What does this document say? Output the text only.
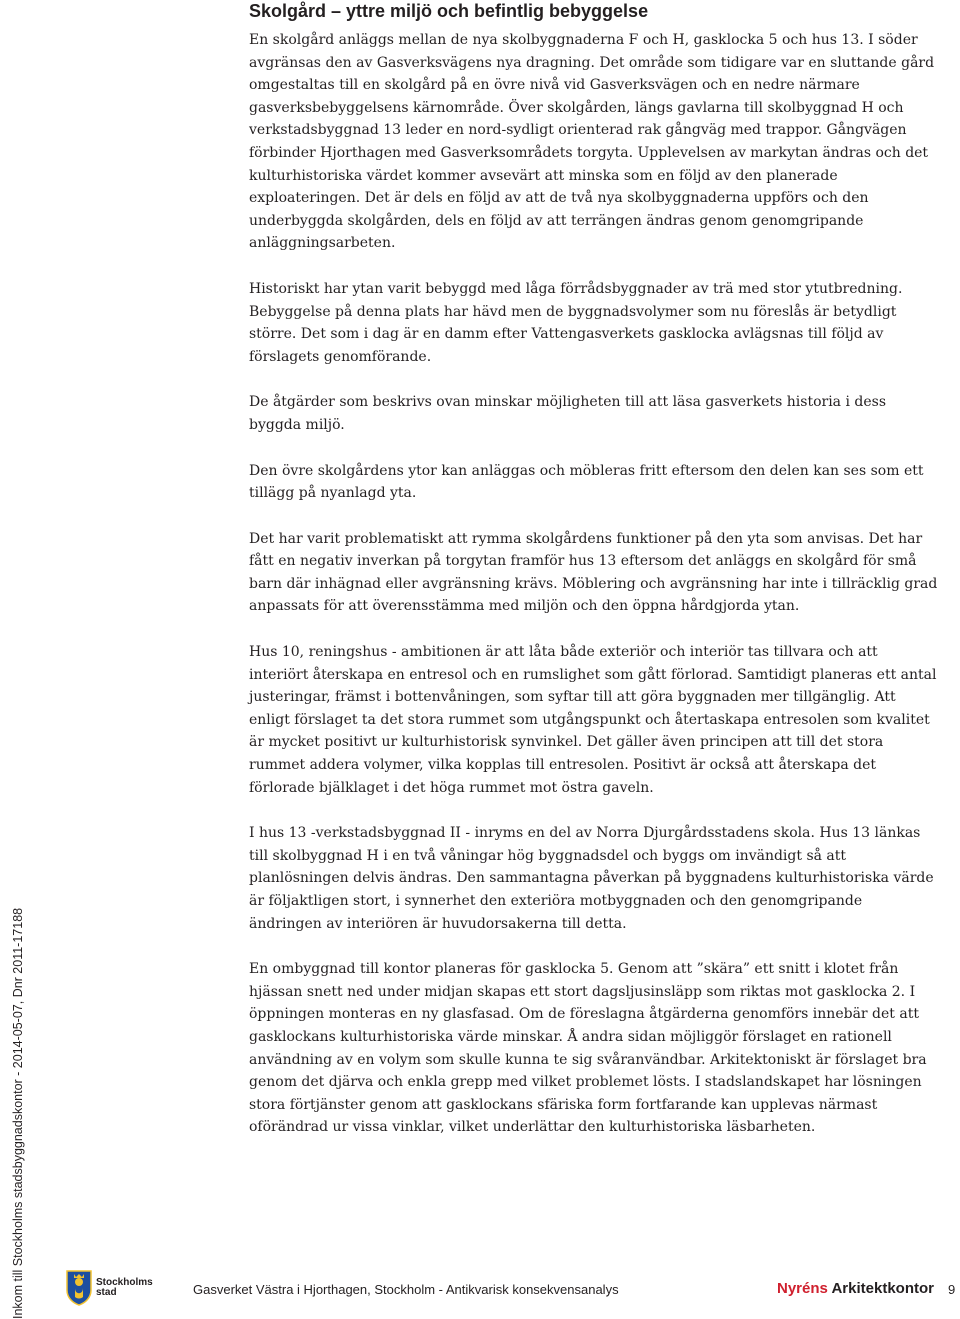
Skolgård – yttre miljö och befintlig bebyggelse

En skolgård anläggs mellan de nya skolbyggnaderna F och H, gasklocka 5 och hus 13. I söder avgränsas den av Gasverksvägens nya dragning. Det område som tidigare var en sluttande gård omgestaltas till en skolgård på en övre nivå vid Gasverksvägen och en nedre närmare gasverksbebyggelsens kärnområde. Över skolgården, längs gavlarna till skolbyggnad H och verkstadsbyggnad 13 leder en nord-sydligt orienterad rak gångväg med trappor. Gångvägen förbinder Hjorthagen med Gasverksområdets torgyta. Upplevelsen av markytan ändras och det kulturhistoriska värdet kommer avsevärt att minska som en följd av den planerade exploateringen. Det är dels en följd av att de två nya skolbyggnaderna uppförs och den underbyggda skolgården, dels en följd av att terrängen ändras genom genomgripande anläggningsarbeten.

Historiskt har ytan varit bebyggd med låga förrådsbyggnader av trä med stor ytutbredning. Bebyggelse på denna plats har hävd men de byggnadsvolymer som nu föreslås är betydligt större. Det som i dag är en damm efter Vattengasverkets gasklocka avlägsnas till följd av förslagets genomförande.

De åtgärder som beskrivs ovan minskar möjligheten till att läsa gasverkets historia i dess byggda miljö.

Den övre skolgårdens ytor kan anläggas och möbleras fritt eftersom den delen kan ses som ett tillägg på nyanlagd yta.

Det har varit problematiskt att rymma skolgårdens funktioner på den yta som anvisas. Det har fått en negativ inverkan på torgytan framför hus 13 eftersom det anläggs en skolgård för små barn där inhägnad eller avgränsning krävs. Möblering och avgränsning har inte i tillräcklig grad anpassats för att överensstämma med miljön och den öppna hårdgjorda ytan.

Hus 10, reningshus - ambitionen är att låta både exteriör och interiör tas tillvara och att interiört återskapa en entresol och en rumslighet som gått förlorad. Samtidigt planeras ett antal justeringar, främst i bottenvåningen, som syftar till att göra byggnaden mer tillgänglig. Att enligt förslaget ta det stora rummet som utgångspunkt och återtaskapa entresolen som kvalitet är mycket positivt ur kulturhistorisk synvinkel. Det gäller även principen att till det stora rummet addera volymer, vilka kopplas till entresolen. Positivt är också att återskapa det förlorade bjälklaget i det höga rummet mot östra gaveln.

I hus 13 -verkstadsbyggnad II - inryms en del av Norra Djurgårdsstadens skola. Hus 13 länkas till skolbyggnad H i en två våningar hög byggnadsdel och byggs om invändigt så att planlösningen delvis ändras. Den sammantagna påverkan på byggnadens kulturhistoriska värde är följaktligen stort, i synnerhet den exteriöra motbyggnaden och den genomgripande ändringen av interiören är huvudorsakerna till detta.

En ombyggnad till kontor planeras för gasklocka 5. Genom att ”skära” ett snitt i klotet från hjässan snett ned under midjan skapas ett stort dagsljusinsläpp som riktas mot gasklocka 2. I öppningen monteras en ny glasfasad. Om de föreslagna åtgärderna genomförs innebär det att gasklockans kulturhistoriska värde minskar. Å andra sidan möjliggör förslaget en rationell användning av en volym som skulle kunna te sig svåranvändbar. Arkitektoniskt är förslaget bra genom det djärva och enkla grepp med vilket problemet lösts. I stadslandskapet har lösningen stora förtjänster genom att gasklockans sfäriska form fortfarande kan upplevas närmast oförändrad ur vissa vinklar, vilket underlättar den kulturhistoriska läsbarheten.

Inkom till Stockholms stadsbyggnadskontor - 2014-05-07, Dnr 2011-17188	Stockholms
stad	Gasverket Västra i Hjorthagen, Stockholm - Antikvarisk konsekvensanalys	Nyréns Arkitektkontor 9
